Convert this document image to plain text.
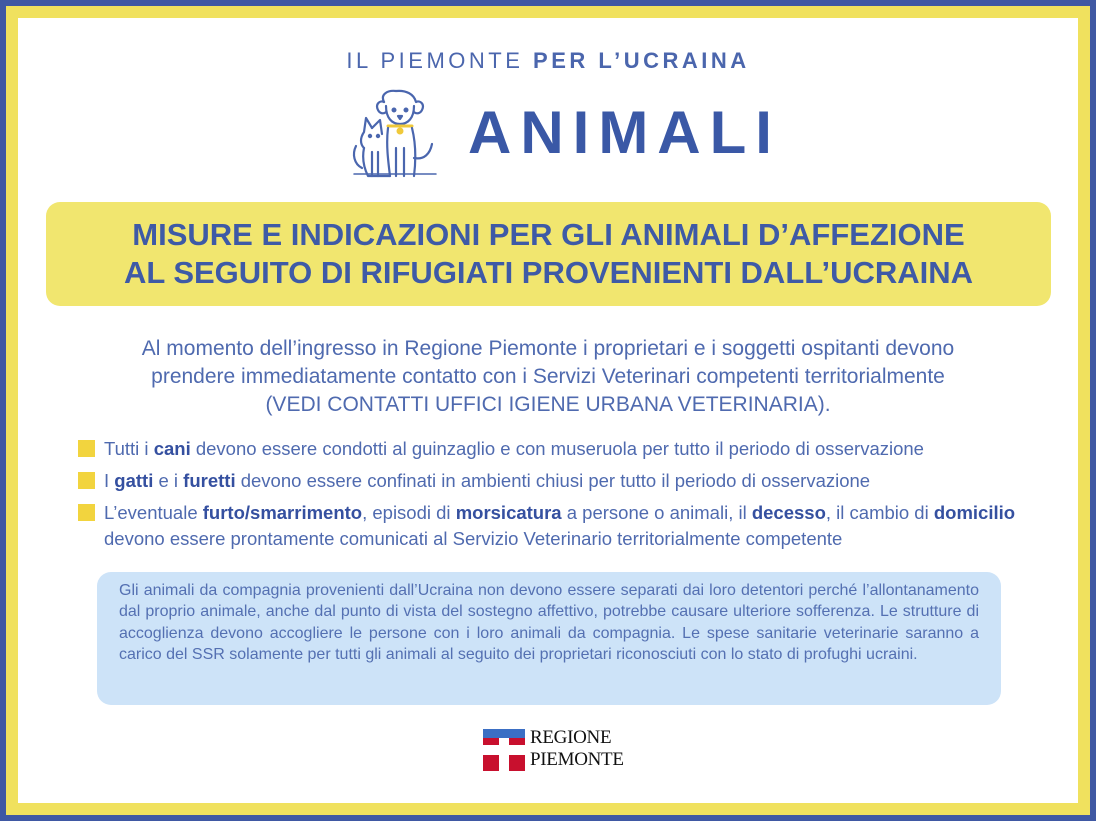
IL PIEMONTE PER L’UCRAINA
ANIMALI
MISURE E INDICAZIONI PER GLI ANIMALI D’AFFEZIONE
AL SEGUITO DI RIFUGIATI PROVENIENTI DALL’UCRAINA
Al momento dell’ingresso in Regione Piemonte i proprietari e i soggetti ospitanti devono
prendere immediatamente contatto con i Servizi Veterinari competenti territorialmente
(VEDI CONTATTI UFFICI IGIENE URBANA VETERINARIA).
Tutti i cani devono essere condotti al guinzaglio e con museruola per tutto il periodo di osservazione
I gatti e i furetti devono essere confinati in ambienti chiusi per tutto il periodo di osservazione
L’eventuale furto/smarrimento, episodi di morsicatura a persone o animali, il decesso, il cambio di domicilio devono essere prontamente comunicati al Servizio Veterinario territorialmente competente
Gli animali da compagnia provenienti dall’Ucraina non devono essere separati dai loro detentori perché l’allontanamento dal proprio animale, anche dal punto di vista del sostegno affettivo, potrebbe causare ulteriore sofferenza. Le strutture di accoglienza devono accogliere le persone con i loro animali da compagnia. Le spese sanitarie veterinarie saranno a carico del SSR solamente per tutti gli animali al seguito dei proprietari riconosciuti con lo stato di profughi ucraini.
REGIONE
PIEMONTE
